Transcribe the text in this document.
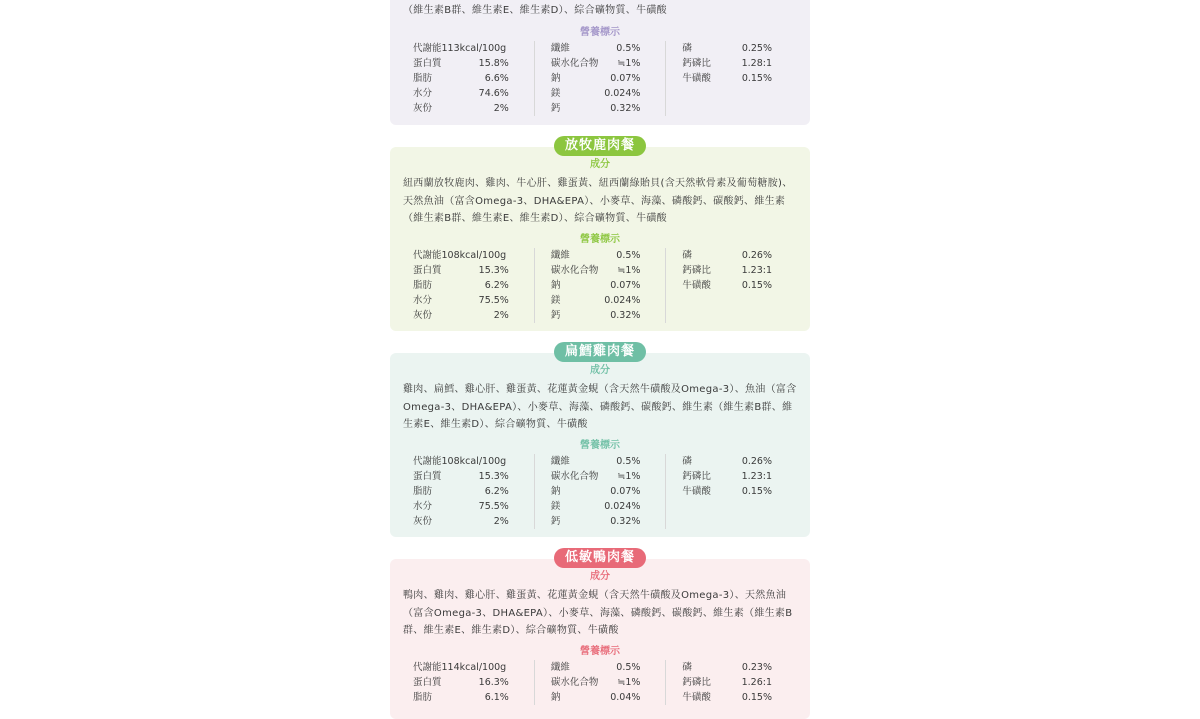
（維生素B群、維生素E、維生素D）、綜合礦物質、牛磺酸
營養標示
代謝能113kcal/100g
蛋白質	15.8%
脂肪	6.6%
水分	74.6%
灰份	2%
纖維	0.5%
碳水化合物 ≒1%
鈉	0.07%
鎂	0.024%
鈣	0.32%
磷	0.25%
鈣磷比	1.28:1
牛磺酸	0.15%
放牧鹿肉餐
成分
紐西蘭放牧鹿肉、雞肉、牛心肝、雞蛋黃、紐西蘭綠貽貝(含天然軟骨素及葡萄糖胺)、天然魚油（富含Omega-3、DHA&EPA）、小麥草、海藻、磷酸鈣、碳酸鈣、維生素（維生素B群、維生素E、維生素D）、綜合礦物質、牛磺酸
營養標示
代謝能108kcal/100g
蛋白質	15.3%
脂肪	6.2%
水分	75.5%
灰份	2%
纖維	0.5%
碳水化合物 ≒1%
鈉	0.07%
鎂	0.024%
鈣	0.32%
磷	0.26%
鈣磷比	1.23:1
牛磺酸	0.15%
扁鱈雞肉餐
成分
雞肉、扁鱈、雞心肝、雞蛋黃、花蓮黃金蜆（含天然牛磺酸及Omega-3）、魚油（富含Omega-3、DHA&EPA）、小麥草、海藻、磷酸鈣、碳酸鈣、維生素（維生素B群、維生素E、維生素D）、綜合礦物質、牛磺酸
營養標示
代謝能108kcal/100g
蛋白質	15.3%
脂肪	6.2%
水分	75.5%
灰份	2%
纖維	0.5%
碳水化合物 ≒1%
鈉	0.07%
鎂	0.024%
鈣	0.32%
磷	0.26%
鈣磷比	1.23:1
牛磺酸	0.15%
低敏鴨肉餐
成分
鴨肉、雞肉、雞心肝、雞蛋黃、花蓮黃金蜆（含天然牛磺酸及Omega-3）、天然魚油（富含Omega-3、DHA&EPA）、小麥草、海藻、磷酸鈣、碳酸鈣、維生素（維生素B群、維生素E、維生素D）、綜合礦物質、牛磺酸
營養標示
代謝能114kcal/100g
蛋白質	16.3%
脂肪	6.1%
纖維	0.5%
碳水化合物 ≒1%
鈉	0.04%
磷	0.23%
鈣磷比	1.26:1
牛磺酸	0.15%
